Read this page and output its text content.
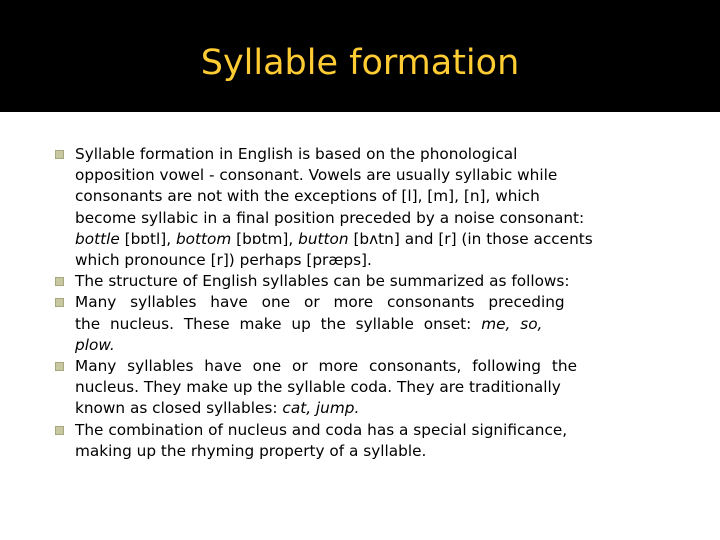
Syllable formation
Syllable formation in English is based on the phonological
opposition vowel - consonant. Vowels are usually syllabic while
consonants are not with the exceptions of [l], [m], [n], which
become syllabic in a final position preceded by a noise consonant:
bottle [bɒtl], bottom [bɒtm], button [bʌtn] and [r] (in those accents
which pronounce [r]) perhaps [præps].
The structure of English syllables can be summarized as follows:
Many syllables have one or more consonants preceding
the nucleus. These make up the syllable onset: me, so,
plow.
Many syllables have one or more consonants, following the
nucleus. They make up the syllable coda. They are traditionally
known as closed syllables: cat, jump.
The combination of nucleus and coda has a special significance,
making up the rhyming property of a syllable.
